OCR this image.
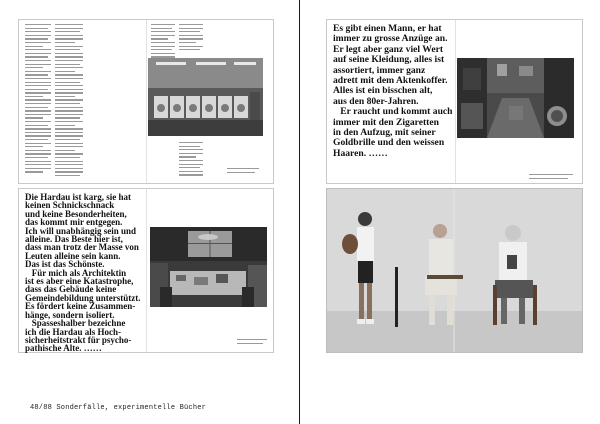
Es gibt einen Mann, er hat

immer zu grosse Anzüge an.

Er legt aber ganz viel Wert

auf seine Kleidung, alles ist

assortiert, immer ganz

adrett mit dem Aktenkoffer.

Alles ist ein bisschen alt,

aus den 80er-Jahren.

Er raucht und kommt auch

immer mit den Zigaretten

in den Aufzug, mit seiner

Goldbrille und den weissen

Haaren. ……

Die Hardau ist karg, sie hat

keinen Schnickschnack

und keine Besonderheiten,

das kommt mir entgegen.

Ich will unabhängig sein und

alleine. Das Beste hier ist,

dass man trotz der Masse von

Leuten alleine sein kann.

Das ist das Schönste.

Für mich als Architektin

ist es aber eine Katastrophe,

dass das Gebäude keine

Gemeindebildung unterstützt.

Es fördert keine Zusammen-

hänge, sondern isoliert.

Spasseshalber bezeichne

ich die Hardau als Hoch-

sicherheitstrakt für psycho-

pathische Alte. ……

48/88 Sonderfälle, experimentelle Bücher
